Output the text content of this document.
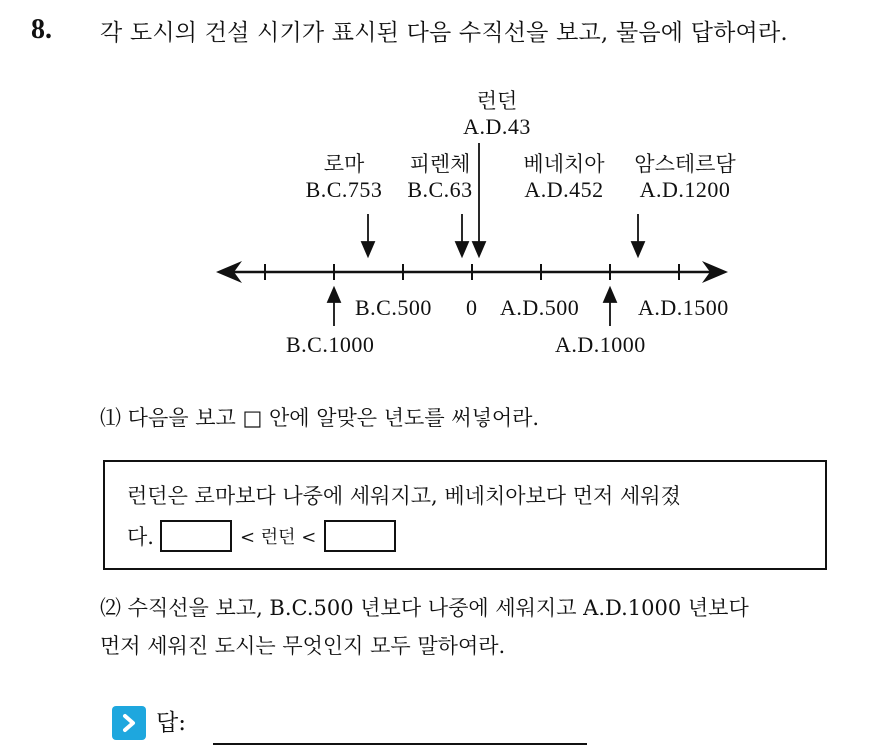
8. 각 도시의 건설 시기가 표시된 다음 수직선을 보고, 물음에 답하여라.
로마
B.C.753
피렌체
B.C.63
런던
A.D.43
베네치아
A.D.452
암스테르담
A.D.1200
B.C.1000
B.C.500 0 A.D.500
A.D.1000
A.D.1500
⑴ 다음을 보고 □ 안에 알맞은 년도를 써넣어라.
런던은 로마보다 나중에 세워지고, 베네치아보다 먼저 세워졌
다.	< 런던 <
⑵ 수직선을 보고, B.C.500 년보다 나중에 세워지고 A.D.1000 년보다
먼저 세워진 도시는 무엇인지 모두 말하여라.
답:
